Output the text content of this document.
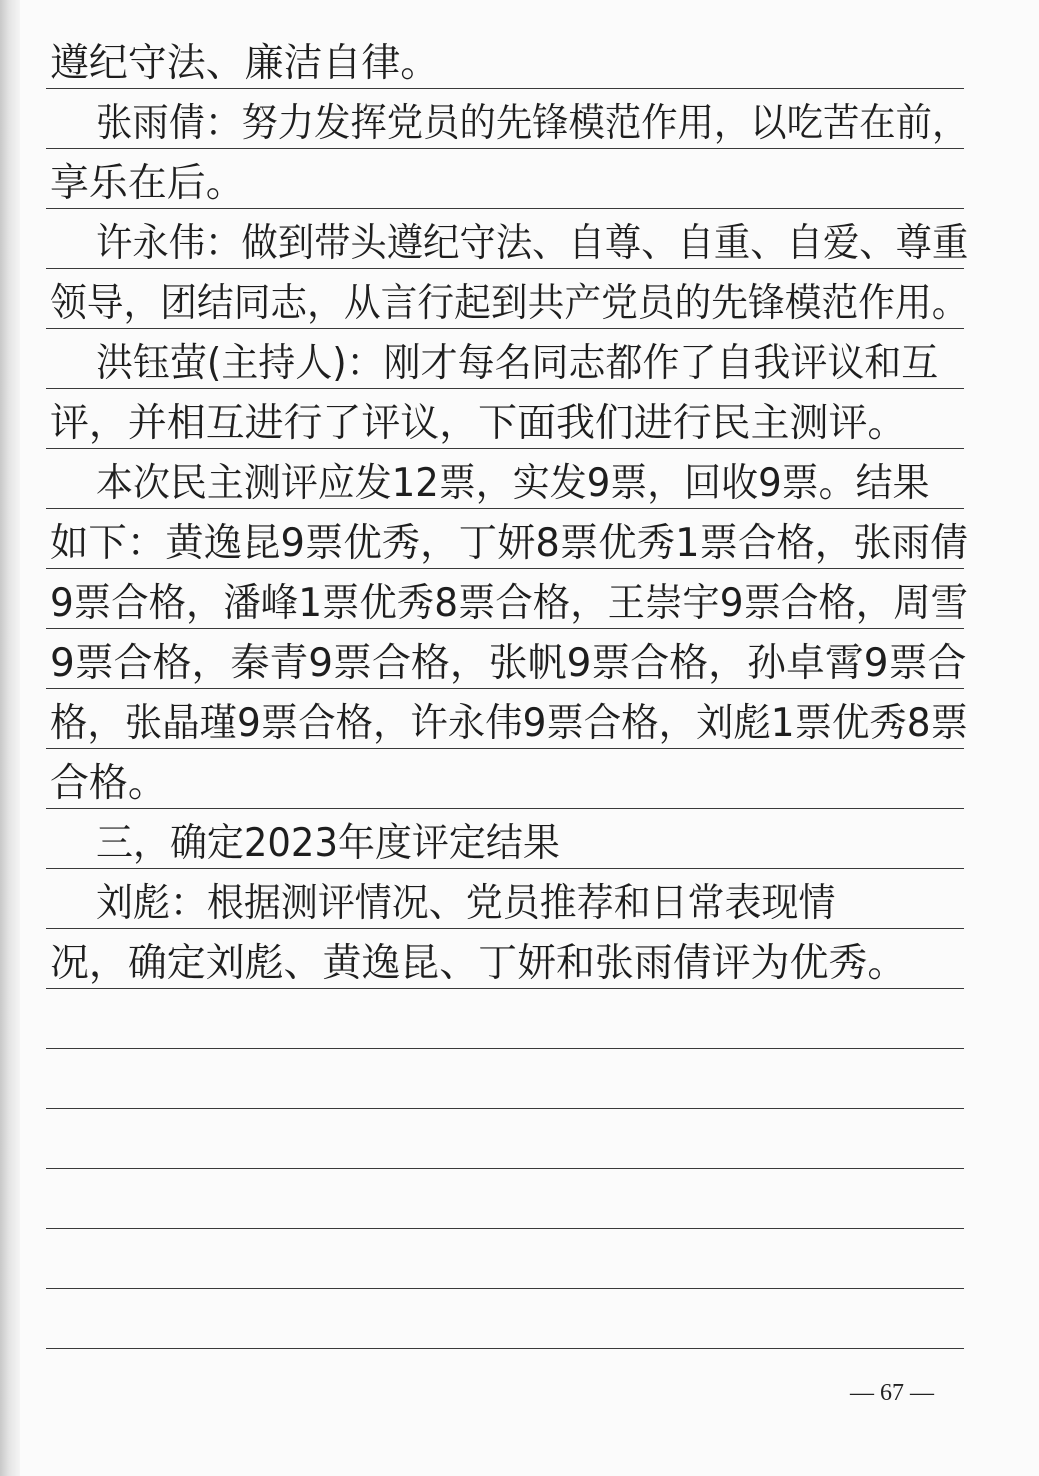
遵纪守法、廉洁自律。
张雨倩：努力发挥党员的先锋模范作用，以吃苦在前，
享乐在后。
许永伟：做到带头遵纪守法、自尊、自重、自爱、尊重
领导，团结同志，从言行起到共产党员的先锋模范作用。
洪钰萤(主持人)：刚才每名同志都作了自我评议和互
评，并相互进行了评议，下面我们进行民主测评。
本次民主测评应发12票，实发9票，回收9票。结果
如下：黄逸昆9票优秀，丁妍8票优秀1票合格，张雨倩
9票合格，潘峰1票优秀8票合格，王崇宇9票合格，周雪
9票合格，秦青9票合格，张帆9票合格，孙卓霄9票合
格，张晶瑾9票合格，许永伟9票合格，刘彪1票优秀8票
合格。
三，确定2023年度评定结果
刘彪：根据测评情况、党员推荐和日常表现情
况，确定刘彪、黄逸昆、丁妍和张雨倩评为优秀。
— 67 —
